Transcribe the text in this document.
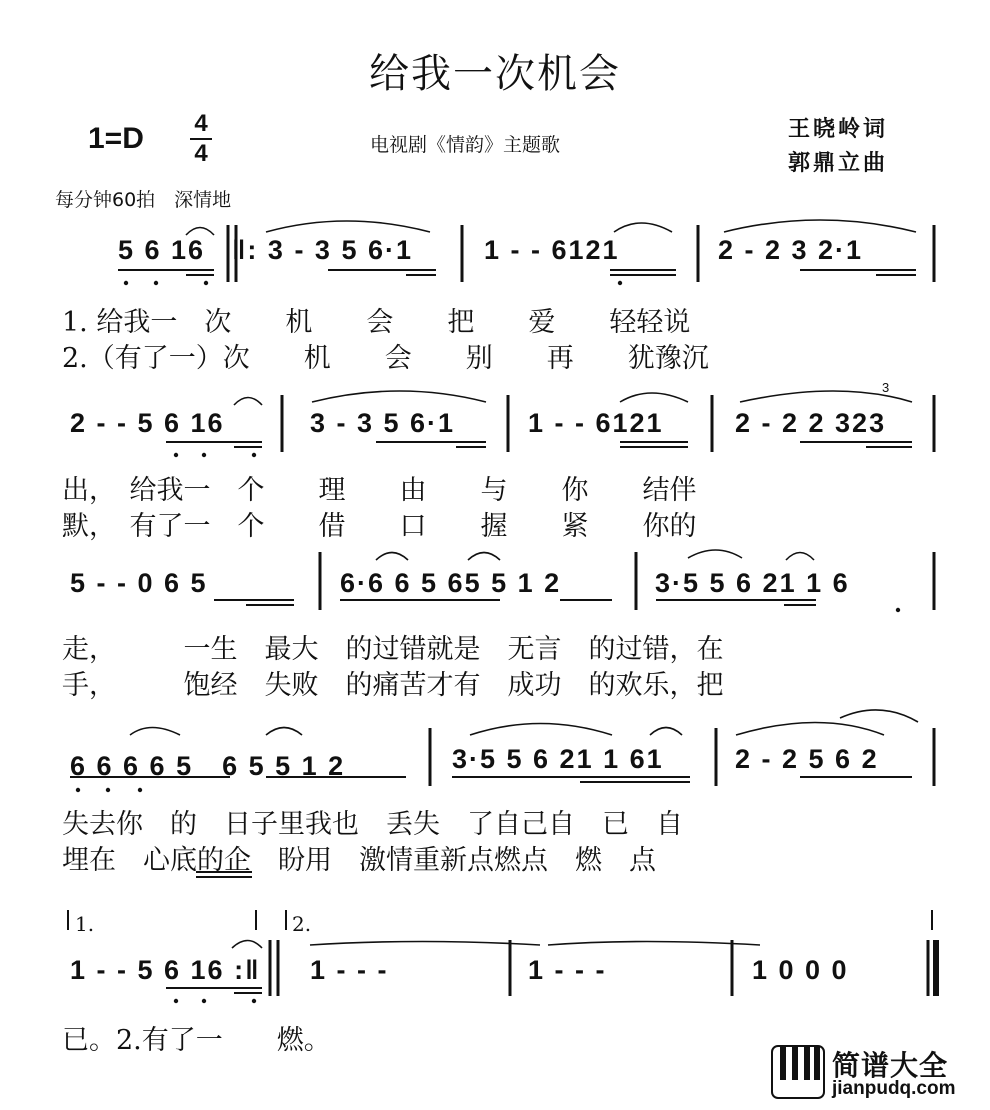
给我一次机会
1=D	4
4	电视剧《情韵》主题歌
王晓岭词
郭鼎立曲
每分钟60拍　深情地
5 6 16 ‖: 3 - 3 5 6·1	1 - - 6121	2 - 2 3 2·1
1. 给我一　次　　机　　会　　把　　爱　　轻轻说
2.（有了一）次　　机　　会　　别　　再　　犹豫沉
2 - - 5 6 16	3 - 3 5 6·1	1 - - 6121	2 - 2 2 323
出，　给我一　个　　理　　由　　与　　你　　结伴
默，　有了一　个　　借　　口　　握　　紧　　你的
5 - - 0 6 5	6·6 6 5 65 5 1 2	3·5 5 6 21 1 6
走，　　　一生　最大　的过错就是　无言　的过错，在
手，　　　饱经　失败　的痛苦才有　成功　的欢乐，把
6 6 6 6 5　6 5 5 1 2	3·5 5 6 21 1 61	2 - 2 5 6 2
失去你　的　日子里我也　丢失　了自己自　已　自
埋在　心底的企　盼用　激情重新点燃点　燃　点
1.	2.
1 - - 5 6 16 :‖ 1 - - -	1 - - -	1 0 0 0
已。2.有了一　　燃。
3
简谱大全
jianpudq.com
